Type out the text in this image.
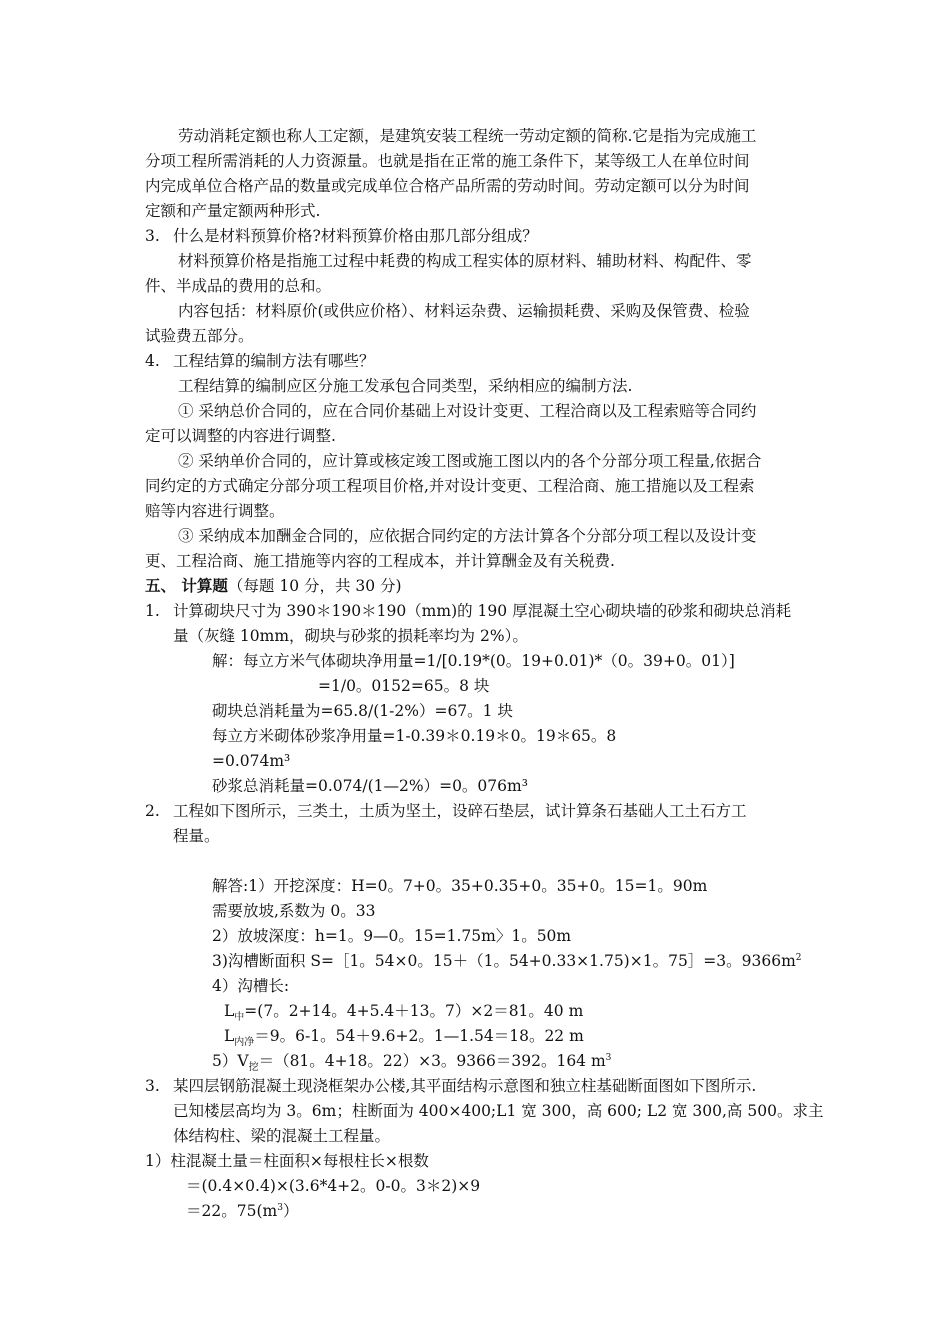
劳动消耗定额也称人工定额，是建筑安装工程统一劳动定额的简称.它是指为完成施工
分项工程所需消耗的人力资源量。也就是指在正常的施工条件下，某等级工人在单位时间
内完成单位合格产品的数量或完成单位合格产品所需的劳动时间。劳动定额可以分为时间
定额和产量定额两种形式.
3. 什么是材料预算价格?材料预算价格由那几部分组成？
材料预算价格是指施工过程中耗费的构成工程实体的原材料、辅助材料、构配件、零
件、半成品的费用的总和。
内容包括：材料原价(或供应价格）、材料运杂费、运输损耗费、采购及保管费、检验
试验费五部分。
4. 工程结算的编制方法有哪些？
工程结算的编制应区分施工发承包合同类型，采纳相应的编制方法.
① 采纳总价合同的，应在合同价基础上对设计变更、工程洽商以及工程索赔等合同约
定可以调整的内容进行调整.
② 采纳单价合同的，应计算或核定竣工图或施工图以内的各个分部分项工程量,依据合
同约定的方式确定分部分项工程项目价格,并对设计变更、工程洽商、施工措施以及工程索
赔等内容进行调整。
③ 采纳成本加酬金合同的，应依据合同约定的方法计算各个分部分项工程以及设计变
更、工程洽商、施工措施等内容的工程成本，并计算酬金及有关税费.
五、 计算题（每题 10 分，共 30 分)
1. 计算砌块尺寸为 390＊190＊190（mm)的 190 厚混凝土空心砌块墙的砂浆和砌块总消耗
量（灰缝 10mm，砌块与砂浆的损耗率均为 2%）。
解：每立方米气体砌块净用量=1/[0.19*(0。19+0.01)*（0。39+0。01）]
=1/0。0152=65。8 块
砌块总消耗量为=65.8/(1-2%）=67。1 块
每立方米砌体砂浆净用量=1-0.39＊0.19＊0。19＊65。8
=0.074m³
砂浆总消耗量=0.074/(1—2%）=0。076m³
2. 工程如下图所示，三类土，土质为坚土，设碎石垫层，试计算条石基础人工土石方工
程量。
解答:1）开挖深度：H=0。7+0。35+0.35+0。35+0。15=1。90m
需要放坡,系数为 0。33
2）放坡深度：h=1。9—0。15=1.75m〉1。50m
3)沟槽断面积 S=［1。54×0。15＋（1。54+0.33×1.75)×1。75］=3。$9366m^2$
4）沟槽长:
$L_中=(7$。2+14。4+5.4＋13。7）×2＝81。40 m
$L_{内净}=9$。6-1。54＋9.6+2。1—1.54＝18。22 m
$5)V_挖=(81$。4+18。22）×3。9366＝392。164 $m^3$
3. 某四层钢筋混凝土现浇框架办公楼,其平面结构示意图和独立柱基础断面图如下图所示.
已知楼层高均为 3。6m；柱断面为 400×400;L1 宽 300，高 600; L2 宽 300,高 500。求主
体结构柱、梁的混凝土工程量。
1）柱混凝土量＝柱面积×每根柱长×根数
＝(0.4×0.4)×(3.6*4+2。0-0。3＊2)×9
＝22。$75(m^3)$
